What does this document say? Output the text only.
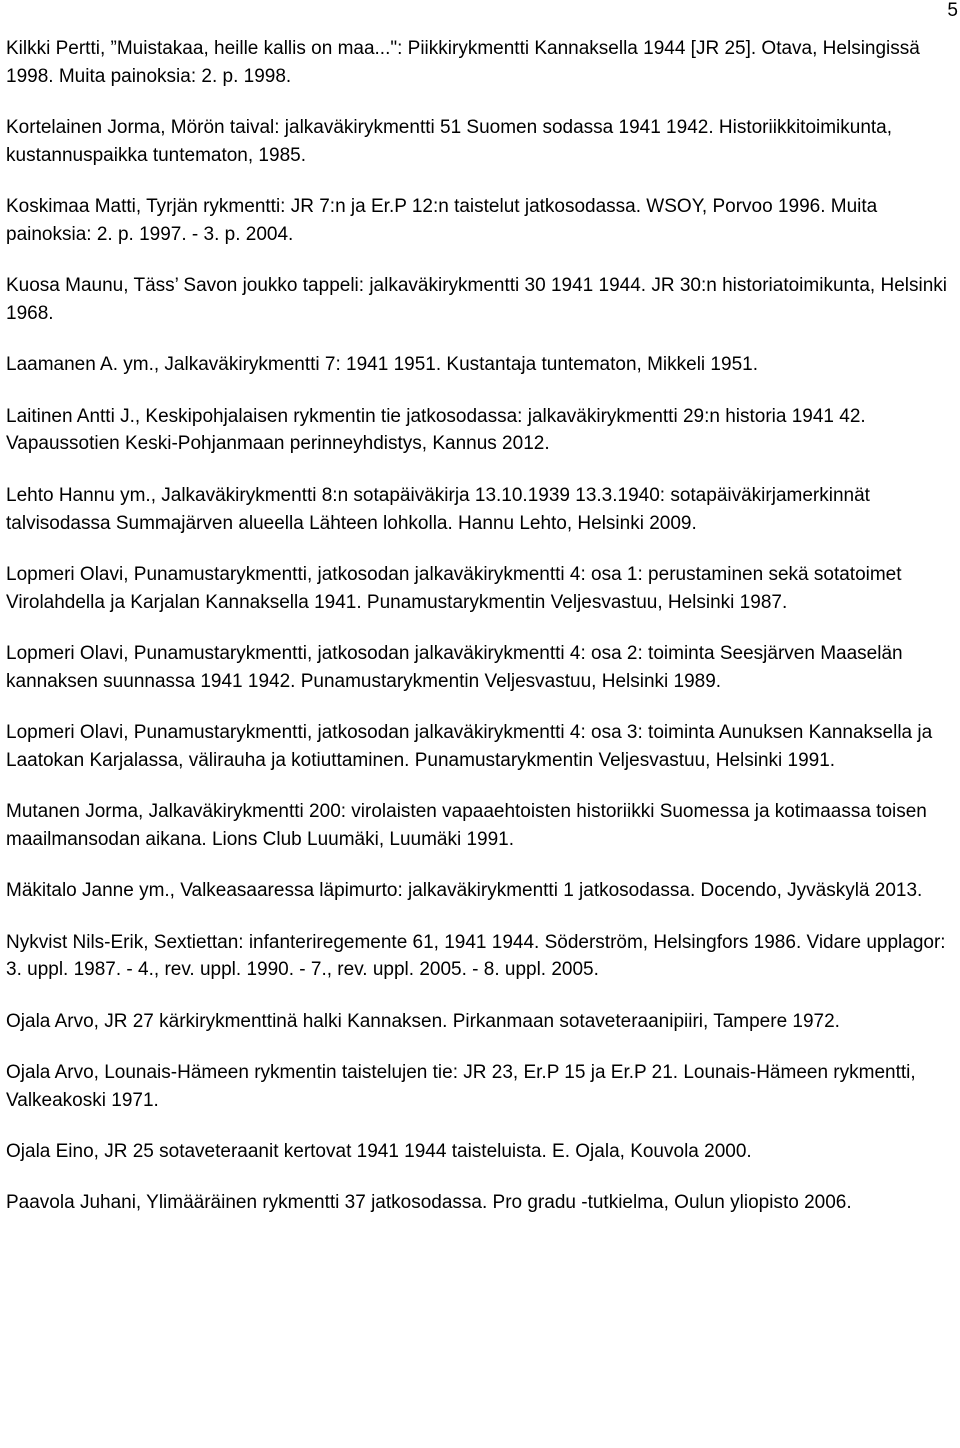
5

Kilkki Pertti, ”Muistakaa, heille kallis on maa...": Piikkirykmentti Kannaksella 1944 [JR 25]. Otava, Helsingissä 1998. Muita painoksia: 2. p. 1998.

Kortelainen Jorma, Mörön taival: jalkaväkirykmentti 51 Suomen sodassa 1941 1942. Historiikkitoimikunta, kustannuspaikka tuntematon, 1985.

Koskimaa Matti, Tyrjän rykmentti: JR 7:n ja Er.P 12:n taistelut jatkosodassa. WSOY, Porvoo 1996. Muita painoksia: 2. p. 1997. - 3. p. 2004.

Kuosa Maunu, Täss’ Savon joukko tappeli: jalkaväkirykmentti 30 1941 1944. JR 30:n historiatoimikunta, Helsinki 1968.

Laamanen A. ym., Jalkaväkirykmentti 7: 1941 1951. Kustantaja tuntematon, Mikkeli 1951.

Laitinen Antti J., Keskipohjalaisen rykmentin tie jatkosodassa: jalkaväkirykmentti 29:n historia 1941 42. Vapaussotien Keski-Pohjanmaan perinneyhdistys, Kannus 2012.

Lehto Hannu ym., Jalkaväkirykmentti 8:n sotapäiväkirja 13.10.1939 13.3.1940: sotapäiväkirjamerkinnät talvisodassa Summajärven alueella Lähteen lohkolla. Hannu Lehto, Helsinki 2009.

Lopmeri Olavi, Punamustarykmentti, jatkosodan jalkaväkirykmentti 4: osa 1: perustaminen sekä sotatoimet Virolahdella ja Karjalan Kannaksella 1941. Punamustarykmentin Veljesvastuu, Helsinki 1987.

Lopmeri Olavi, Punamustarykmentti, jatkosodan jalkaväkirykmentti 4: osa 2: toiminta Seesjärven Maaselän kannaksen suunnassa 1941 1942. Punamustarykmentin Veljesvastuu, Helsinki 1989.

Lopmeri Olavi, Punamustarykmentti, jatkosodan jalkaväkirykmentti 4: osa 3: toiminta Aunuksen Kannaksella ja Laatokan Karjalassa, välirauha ja kotiuttaminen. Punamustarykmentin Veljesvastuu, Helsinki 1991.

Mutanen Jorma, Jalkaväkirykmentti 200: virolaisten vapaaehtoisten historiikki Suomessa ja kotimaassa toisen maailmansodan aikana. Lions Club Luumäki, Luumäki 1991.

Mäkitalo Janne ym., Valkeasaaressa läpimurto: jalkaväkirykmentti 1 jatkosodassa. Docendo, Jyväskylä 2013.

Nykvist Nils-Erik, Sextiettan: infanteriregemente 61, 1941 1944. Söderström, Helsingfors 1986. Vidare upplagor: 3. uppl. 1987. - 4., rev. uppl. 1990. - 7., rev. uppl. 2005. - 8. uppl. 2005.

Ojala Arvo, JR 27 kärkirykmenttinä halki Kannaksen. Pirkanmaan sotaveteraanipiiri, Tampere 1972.

Ojala Arvo, Lounais-Hämeen rykmentin taistelujen tie: JR 23, Er.P 15 ja Er.P 21. Lounais-Hämeen rykmentti, Valkeakoski 1971.

Ojala Eino, JR 25 sotaveteraanit kertovat 1941 1944 taisteluista. E. Ojala, Kouvola 2000.

Paavola Juhani, Ylimääräinen rykmentti 37 jatkosodassa. Pro gradu -tutkielma, Oulun yliopisto 2006.
